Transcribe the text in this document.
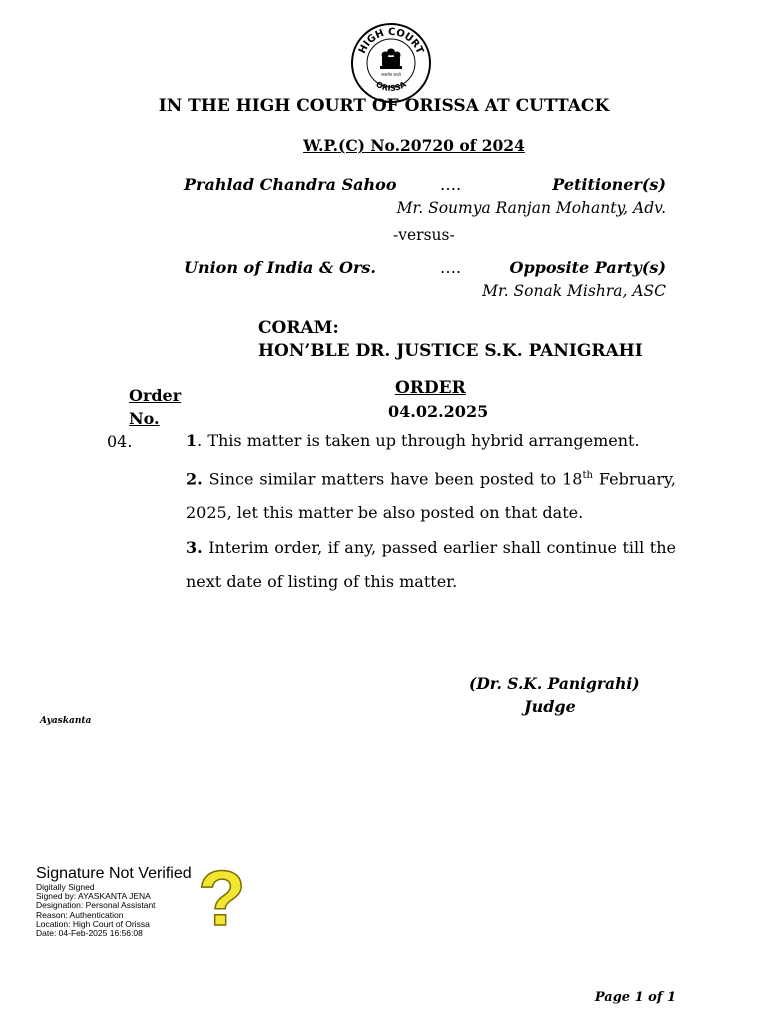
HIGH COURT
ORISSA
सत्यमेव जयते
IN THE HIGH COURT OF ORISSA AT CUTTACK
W.P.(C) No.20720 of 2024
Prahlad Chandra Sahoo	….	Petitioner(s)
Mr. Soumya Ranjan Mohanty, Adv.
-versus-
Union of India & Ors.	….	Opposite Party(s)
Mr. Sonak Mishra, ASC
CORAM:
HON’BLE DR. JUSTICE S.K. PANIGRAHI
Order
No.
ORDER
04.02.2025
04.	1. This matter is taken up through hybrid arrangement.

2. Since similar matters have been posted to 18th February, 2025, let this matter be also posted on that date.

3. Interim order, if any, passed earlier shall continue till the next date of listing of this matter.

(Dr. S.K. Panigrahi)
Judge
Ayaskanta
?
Signature Not Verified
Digitally Signed
Signed by: AYASKANTA JENA
Designation: Personal Assistant
Reason: Authentication
Location: High Court of Orissa
Date: 04-Feb-2025 16:56:08
Page 1 of 1
